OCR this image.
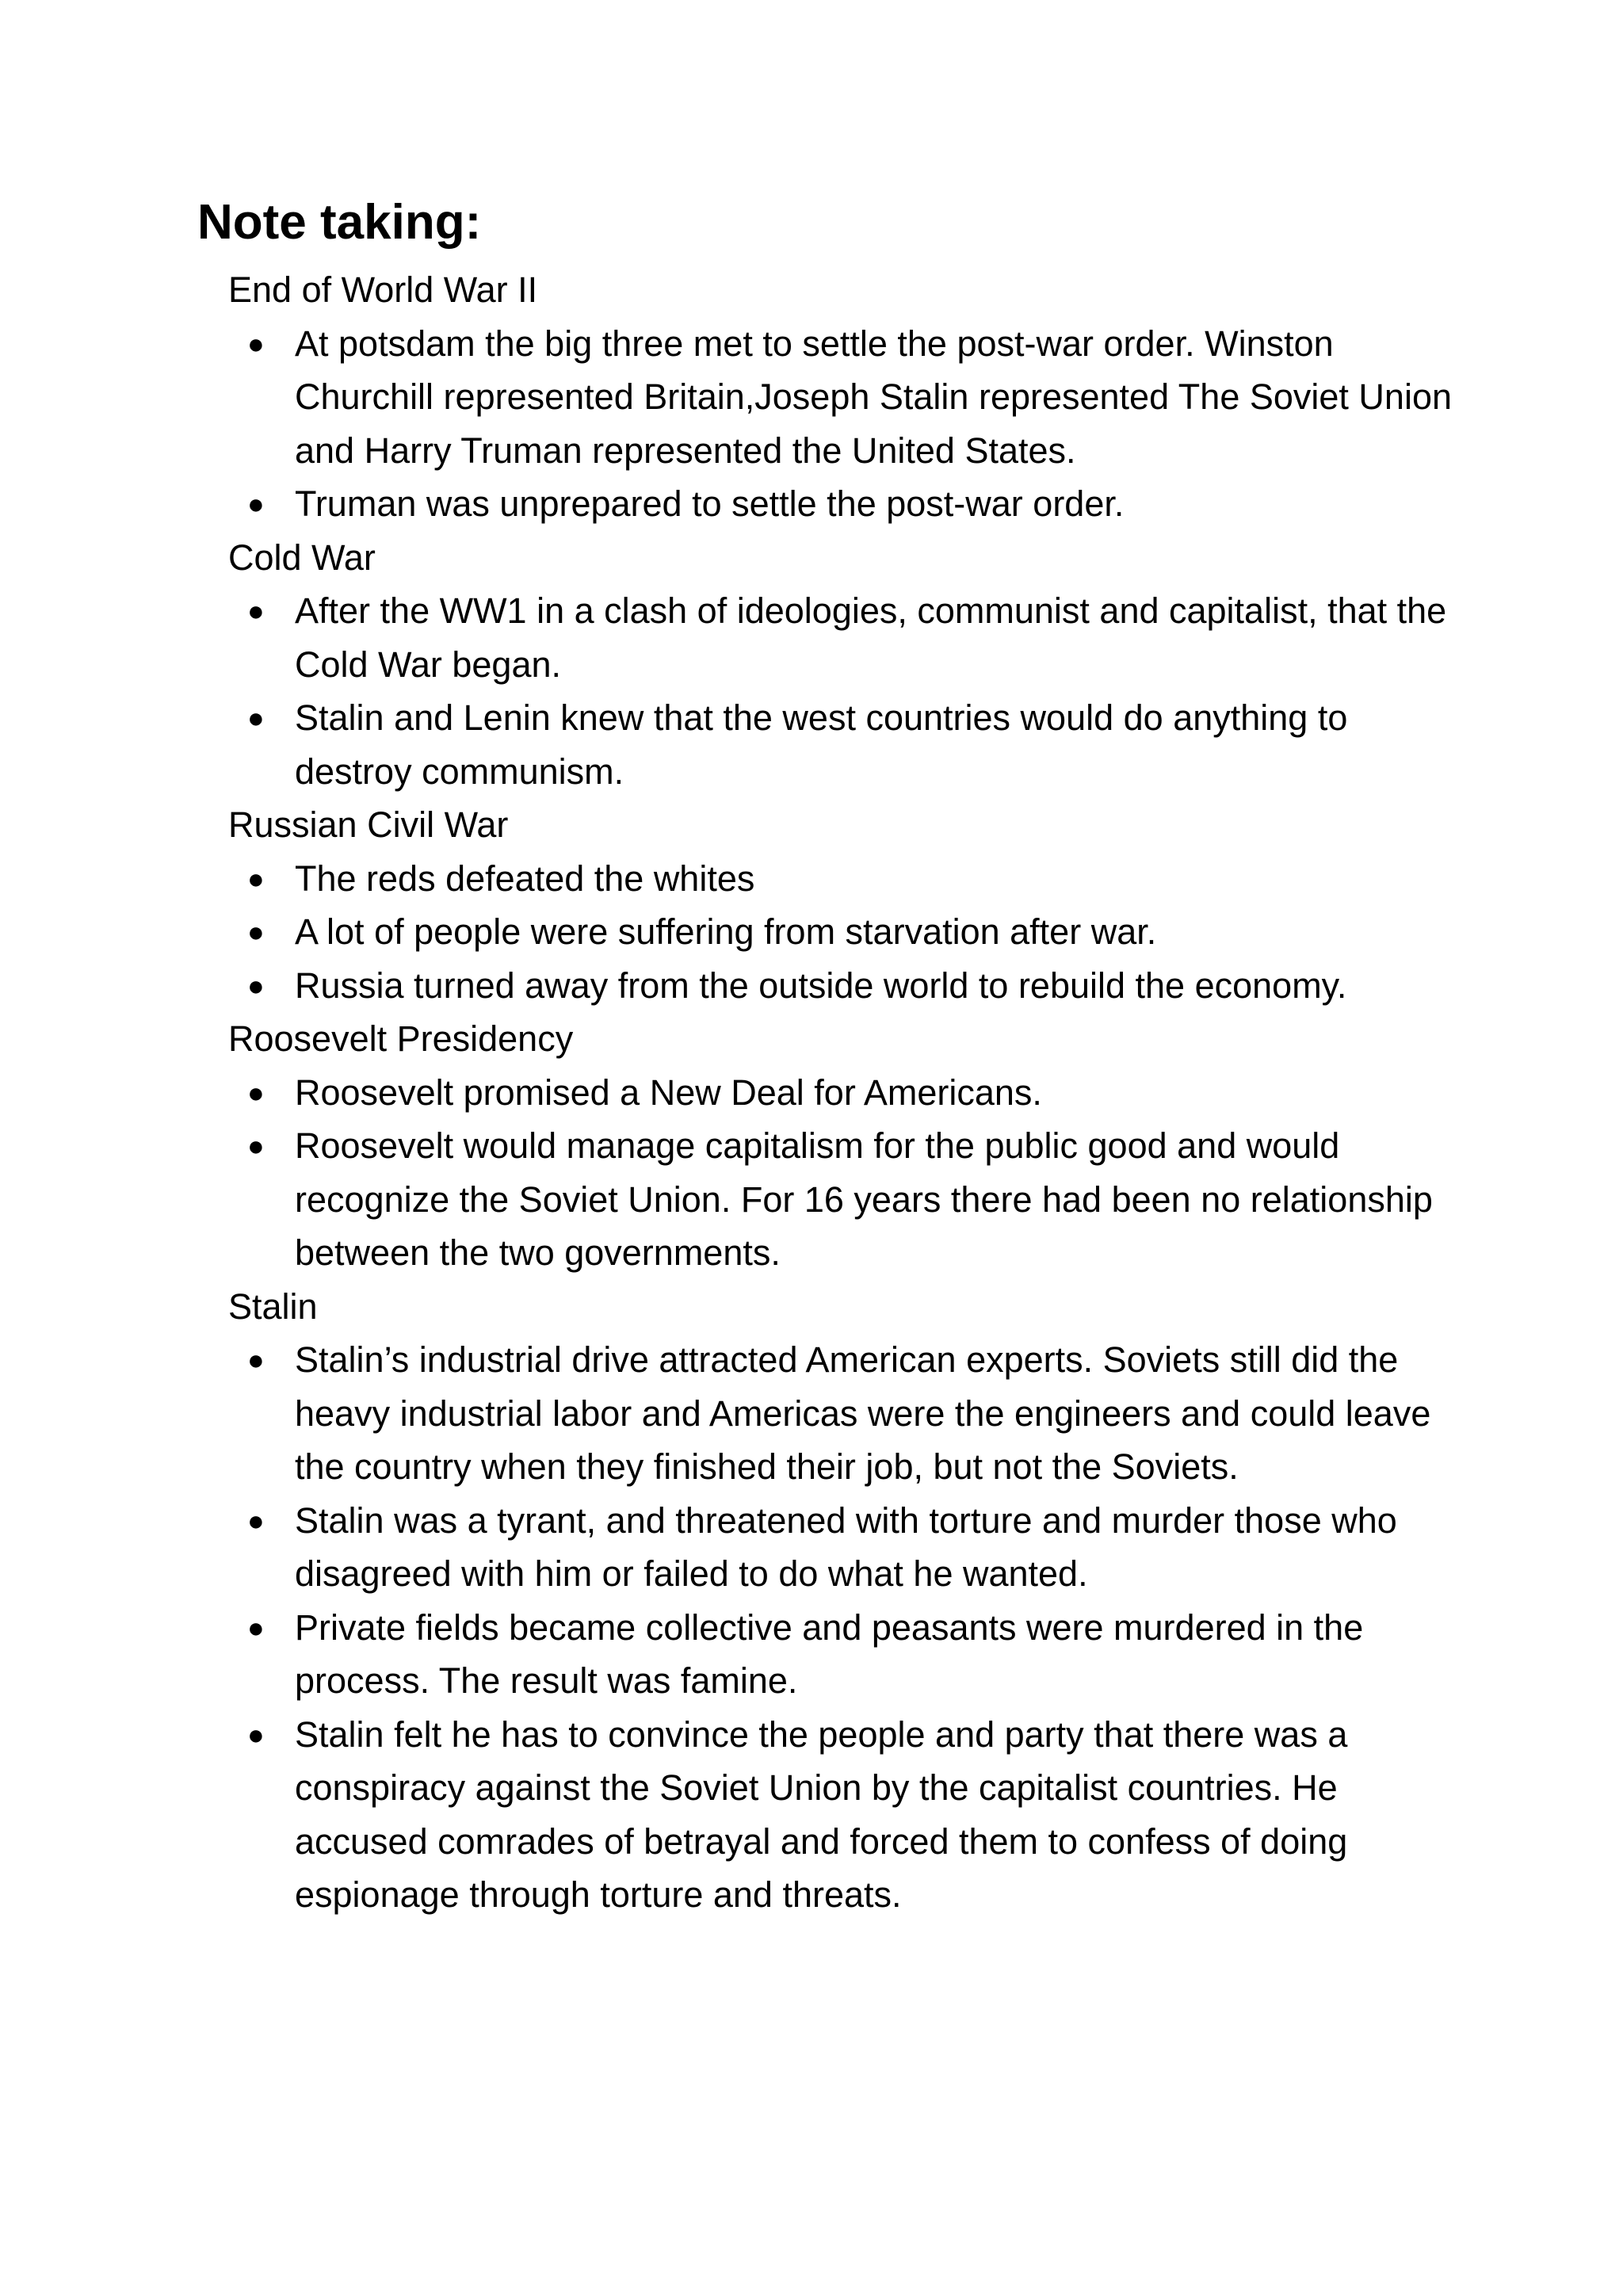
Note taking:

End of World War II

● At potsdam the big three met to settle the post-war order. Winston Churchill represented Britain,Joseph Stalin represented The Soviet Union and Harry Truman represented the United States.
● Truman was unprepared to settle the post-war order.

Cold War

● After the WW1 in a clash of ideologies, communist and capitalist, that the Cold War began.
● Stalin and Lenin knew that the west countries would do anything to destroy communism.

Russian Civil War

● The reds defeated the whites
● A lot of people were suffering from starvation after war.
● Russia turned away from the outside world to rebuild the economy.

Roosevelt Presidency

● Roosevelt promised a New Deal for Americans.
● Roosevelt would manage capitalism for the public good and would recognize the Soviet Union. For 16 years there had been no relationship between the two governments.

Stalin

● Stalin’s industrial drive attracted American experts. Soviets still did the heavy industrial labor and Americas were the engineers and could leave the country when they finished their job, but not the Soviets.
● Stalin was a tyrant, and threatened with torture and murder those who disagreed with him or failed to do what he wanted.
● Private fields became collective and peasants were murdered in the process. The result was famine.
● Stalin felt he has to convince the people and party that there was a conspiracy against the Soviet Union by the capitalist countries. He accused comrades of betrayal and forced them to confess of doing espionage through torture and threats.
